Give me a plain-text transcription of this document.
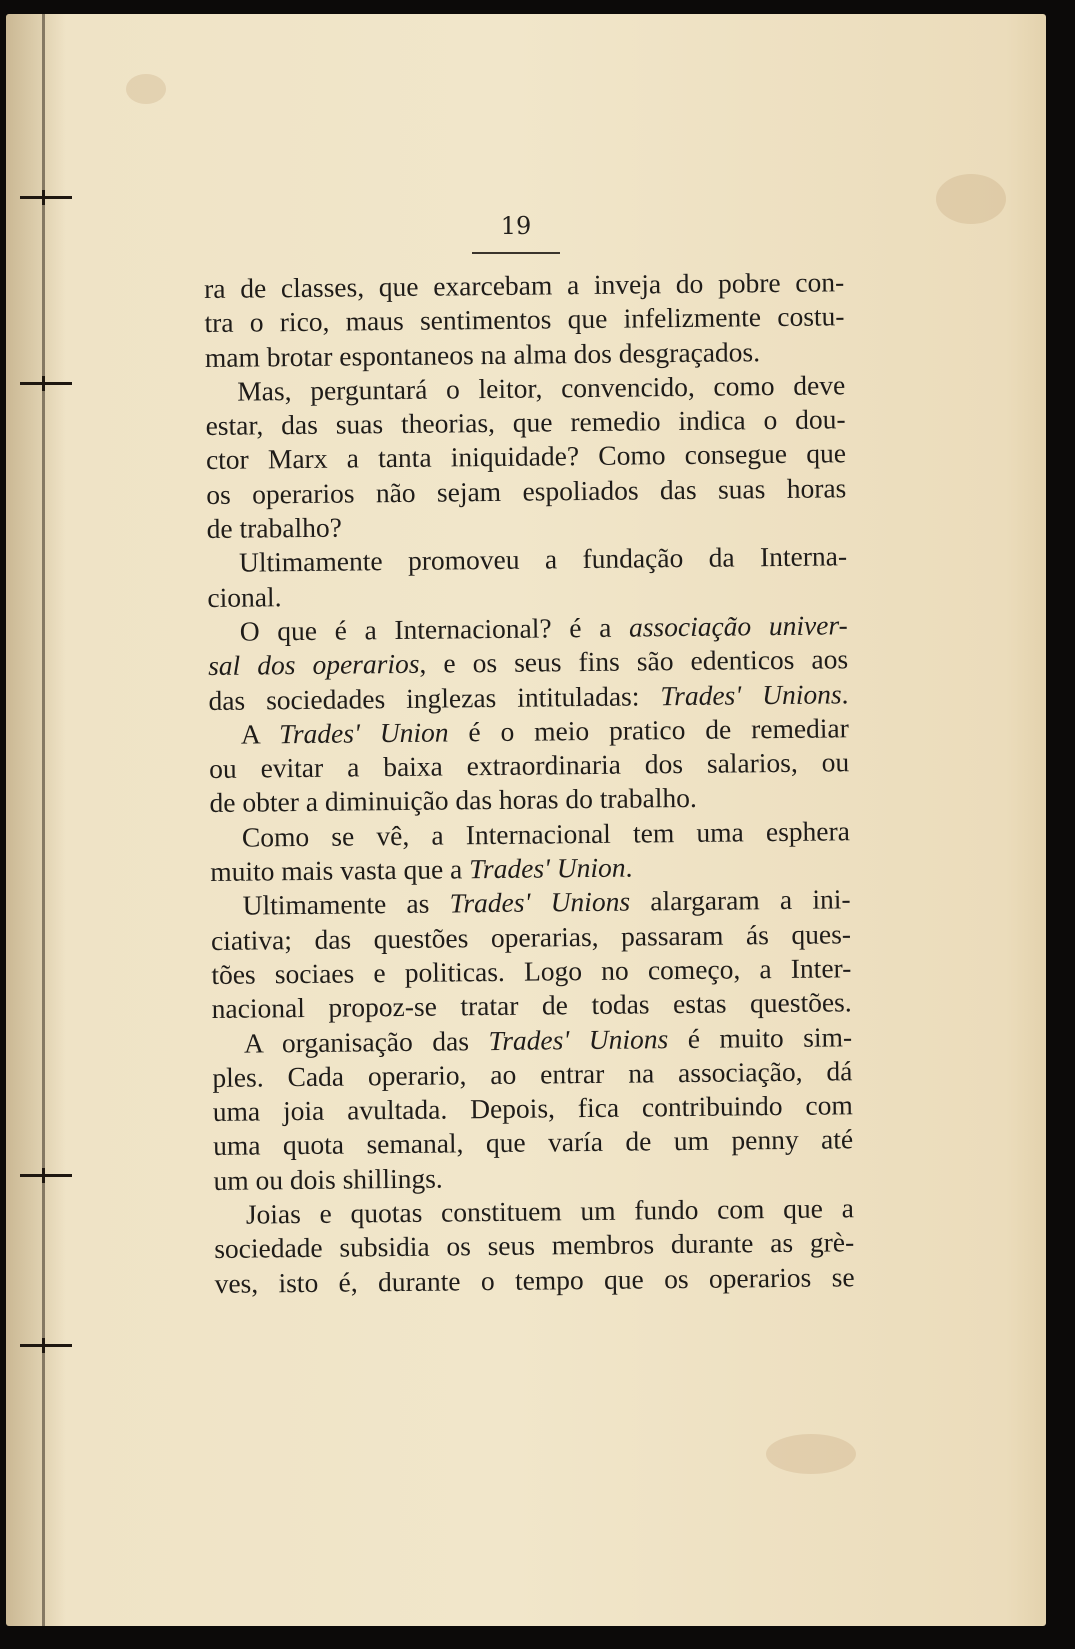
19
ra de classes, que exarcebam a inveja do pobre con-
tra o rico, maus sentimentos que infelizmente costu-
mam brotar espontaneos na alma dos desgraçados.
Mas, perguntará o leitor, convencido, como deve
estar, das suas theorias, que remedio indica o dou-
ctor Marx a tanta iniquidade? Como consegue que
os operarios não sejam espoliados das suas horas
de trabalho?
Ultimamente promoveu a fundação da Interna-
cional.
O que é a Internacional? é a associação univer-
sal dos operarios, e os seus fins são edenticos aos
das sociedades inglezas intituladas: Trades' Unions.
A Trades' Union é o meio pratico de remediar
ou evitar a baixa extraordinaria dos salarios, ou
de obter a diminuição das horas do trabalho.
Como se vê, a Internacional tem uma esphera
muito mais vasta que a Trades' Union.
Ultimamente as Trades' Unions alargaram a ini-
ciativa; das questões operarias, passaram ás ques-
tões sociaes e politicas. Logo no começo, a Inter-
nacional propoz-se tratar de todas estas questões.
A organisação das Trades' Unions é muito sim-
ples. Cada operario, ao entrar na associação, dá
uma joia avultada. Depois, fica contribuindo com
uma quota semanal, que varía de um penny até
um ou dois shillings.
Joias e quotas constituem um fundo com que a
sociedade subsidia os seus membros durante as grè-
ves, isto é, durante o tempo que os operarios se
